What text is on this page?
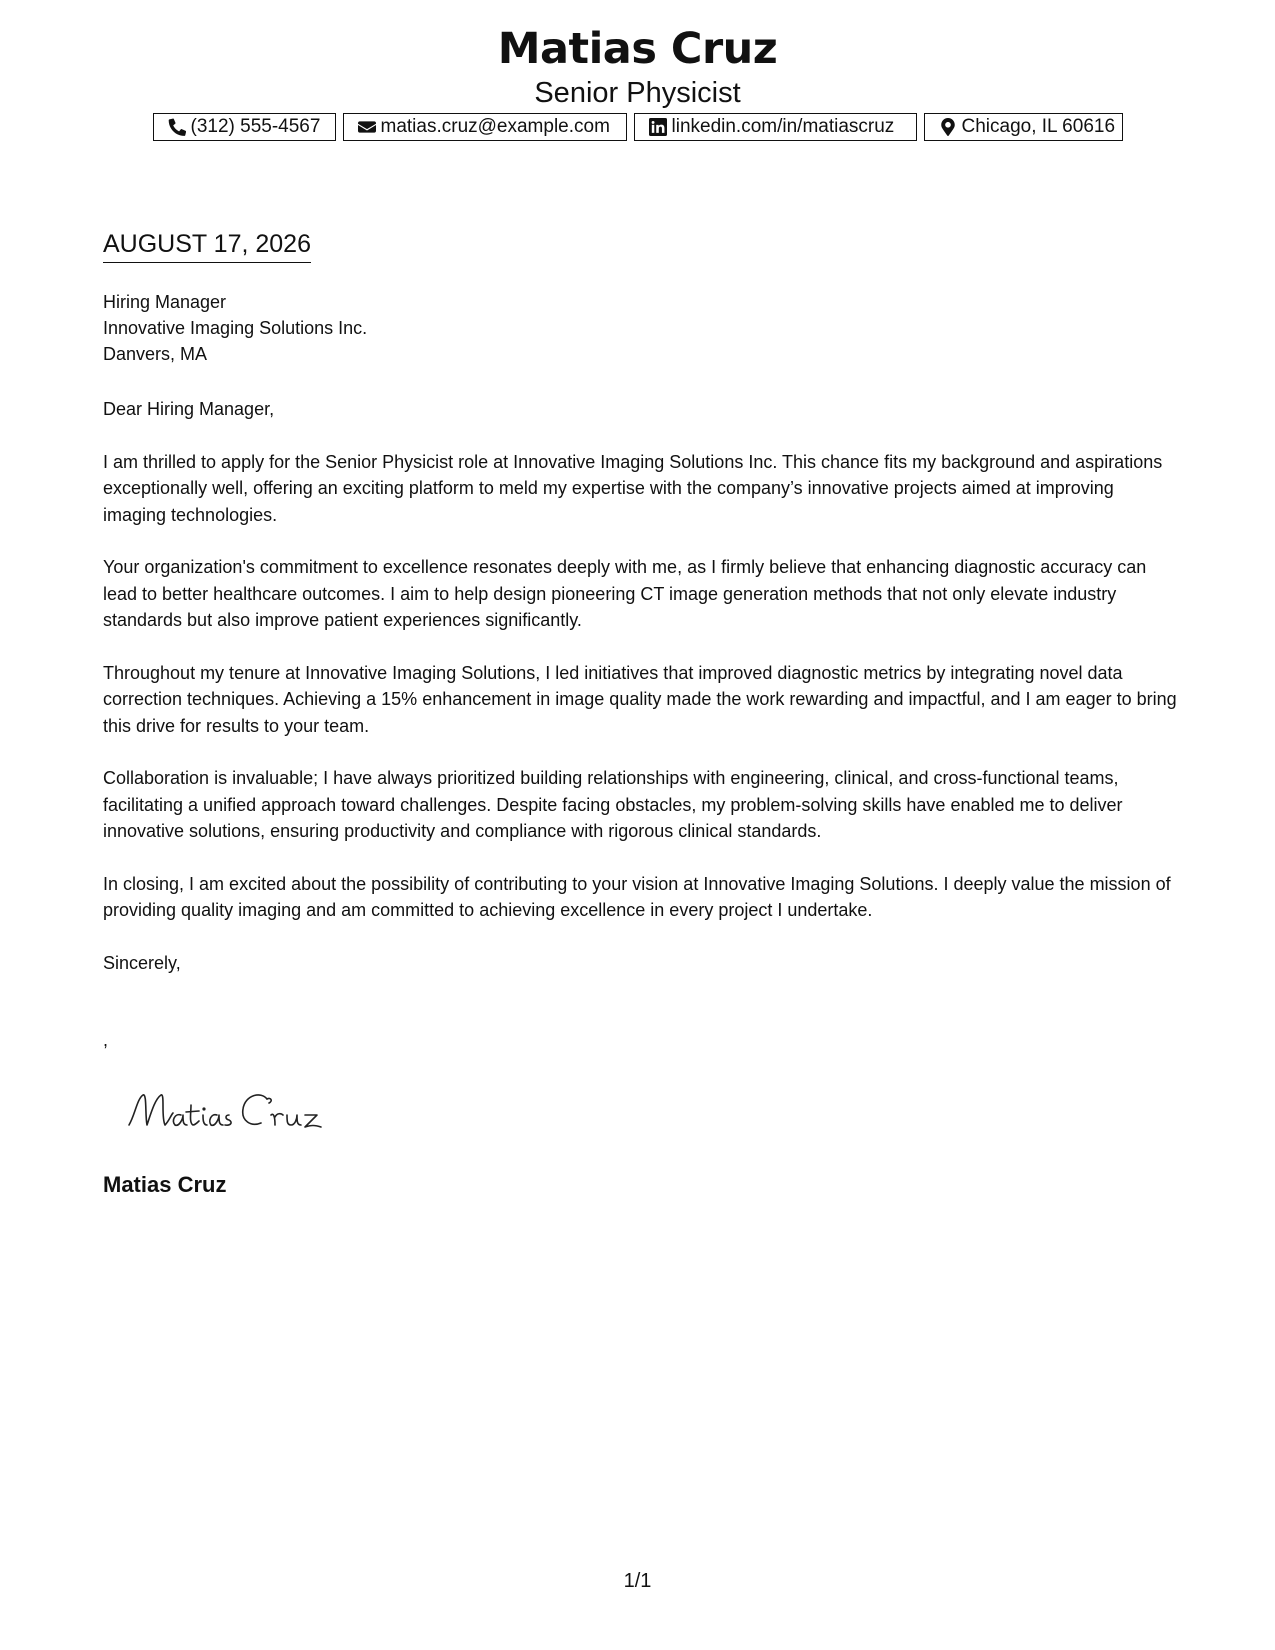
Matias Cruz
Senior Physicist
(312) 555-4567	matias.cruz@example.com	linkedin.com/in/matiascruz	Chicago, IL 60616
AUGUST 17, 2026
Hiring Manager
Innovative Imaging Solutions Inc.
Danvers, MA

Dear Hiring Manager,

I am thrilled to apply for the Senior Physicist role at Innovative Imaging Solutions Inc. This chance fits my background and aspirations exceptionally well, offering an exciting platform to meld my expertise with the company’s innovative projects aimed at improving imaging technologies.

Your organization's commitment to excellence resonates deeply with me, as I firmly believe that enhancing diagnostic accuracy can lead to better healthcare outcomes. I aim to help design pioneering CT image generation methods that not only elevate industry standards but also improve patient experiences significantly.

Throughout my tenure at Innovative Imaging Solutions, I led initiatives that improved diagnostic metrics by integrating novel data correction techniques. Achieving a 15% enhancement in image quality made the work rewarding and impactful, and I am eager to bring this drive for results to your team.

Collaboration is invaluable; I have always prioritized building relationships with engineering, clinical, and cross-functional teams, facilitating a unified approach toward challenges. Despite facing obstacles, my problem-solving skills have enabled me to deliver innovative solutions, ensuring productivity and compliance with rigorous clinical standards.

In closing, I am excited about the possibility of contributing to your vision at Innovative Imaging Solutions. I deeply value the mission of providing quality imaging and am committed to achieving excellence in every project I undertake.

Sincerely,

,
Matias Cruz
1/1
